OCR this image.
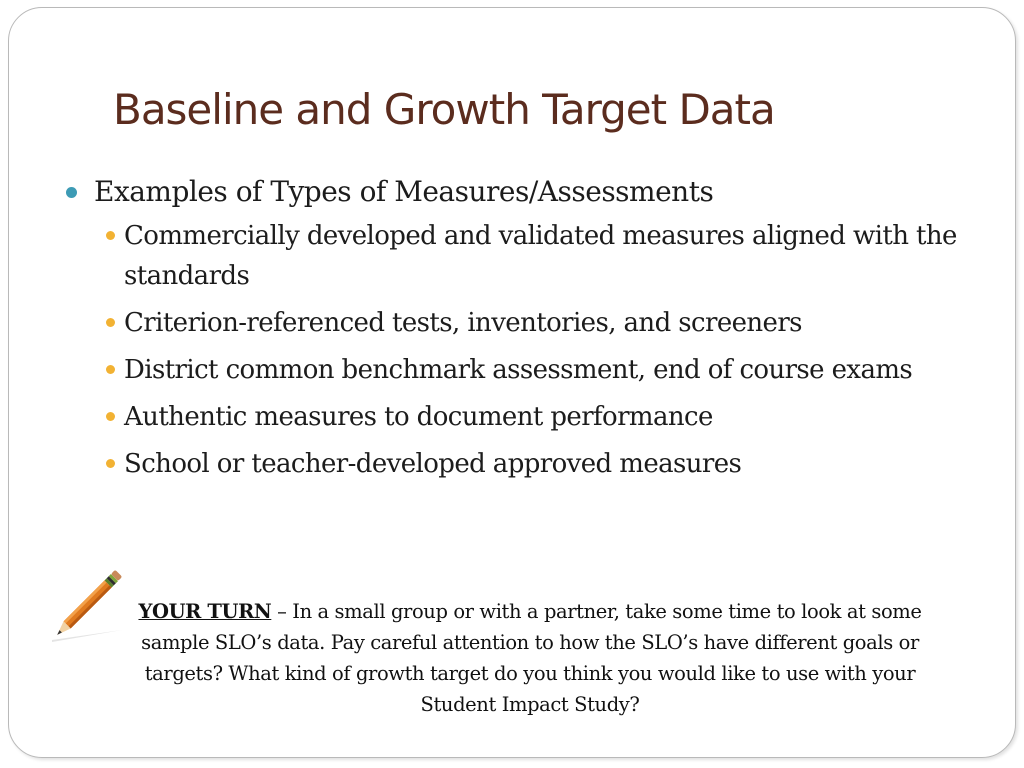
Baseline and Growth Target Data
Examples of Types of Measures/Assessments
Commercially developed and validated measures aligned with the standards
Criterion-referenced tests, inventories, and screeners
District common benchmark assessment, end of course exams
Authentic measures to document performance
School or teacher-developed approved measures
YOUR TURN – In a small group or with a partner, take some time to look at some sample SLO’s data. Pay careful attention to how the SLO’s have different goals or targets? What kind of growth target do you think you would like to use with your Student Impact Study?
